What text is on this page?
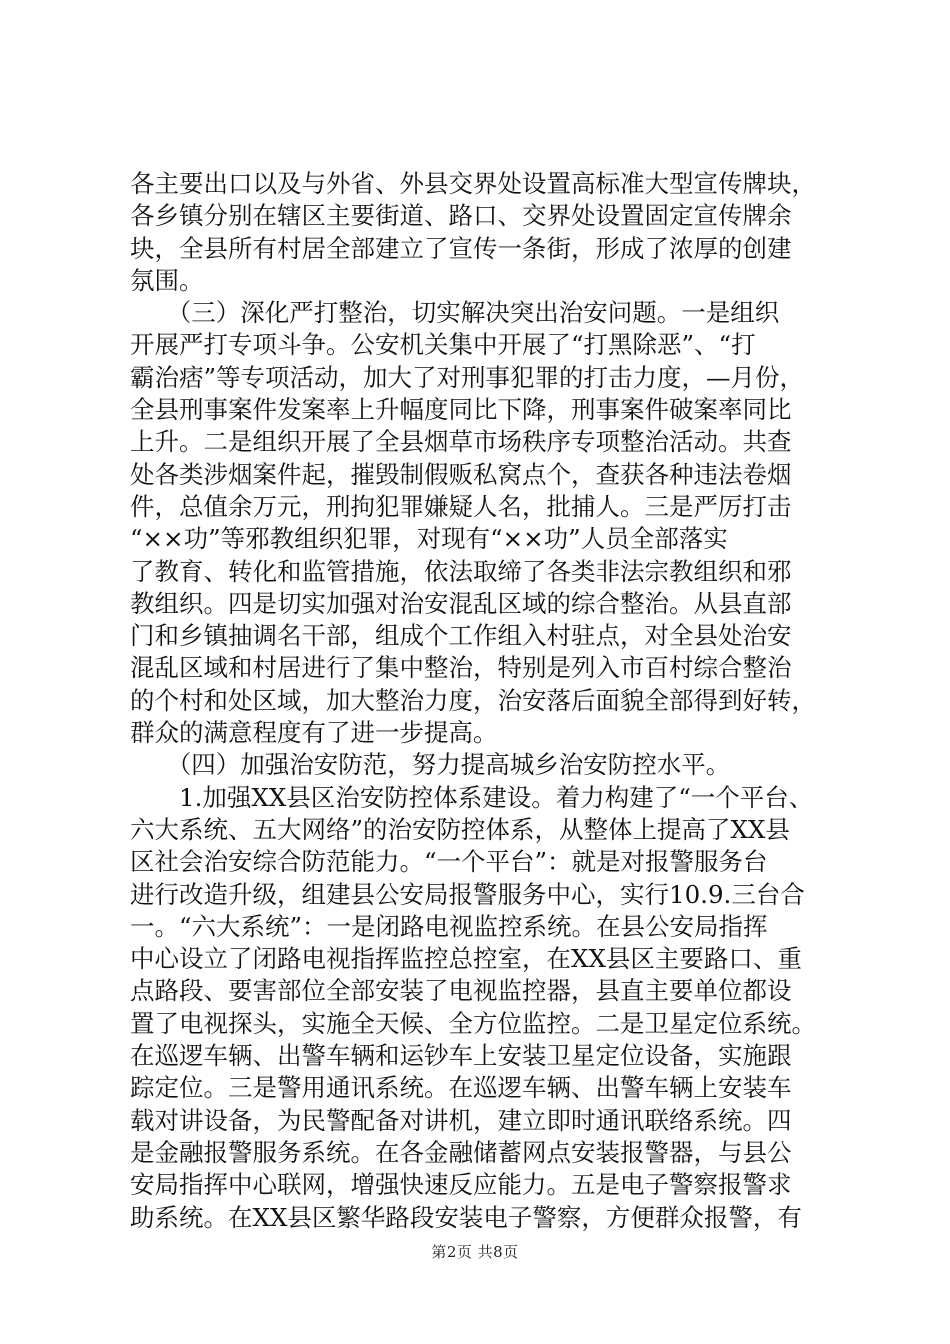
各主要出口以及与外省、外县交界处设置高标准大型宣传牌块，
各乡镇分别在辖区主要街道、路口、交界处设置固定宣传牌余
块，全县所有村居全部建立了宣传一条街，形成了浓厚的创建
氛围。
　　（三）深化严打整治，切实解决突出治安问题。一是组织
开展严打专项斗争。公安机关集中开展了“打黑除恶”、“打
霸治痞”等专项活动，加大了对刑事犯罪的打击力度，—月份，
全县刑事案件发案率上升幅度同比下降，刑事案件破案率同比
上升。二是组织开展了全县烟草市场秩序专项整治活动。共查
处各类涉烟案件起，摧毁制假贩私窝点个，查获各种违法卷烟
件，总值余万元，刑拘犯罪嫌疑人名，批捕人。三是严厉打击
“××功”等邪教组织犯罪，对现有“××功”人员全部落实
了教育、转化和监管措施，依法取缔了各类非法宗教组织和邪
教组织。四是切实加强对治安混乱区域的综合整治。从县直部
门和乡镇抽调名干部，组成个工作组入村驻点，对全县处治安
混乱区域和村居进行了集中整治，特别是列入市百村综合整治
的个村和处区域，加大整治力度，治安落后面貌全部得到好转，
群众的满意程度有了进一步提高。
　　（四）加强治安防范，努力提高城乡治安防控水平。
　　1.加强XX县区治安防控体系建设。着力构建了“一个平台、
六大系统、五大网络”的治安防控体系，从整体上提高了XX县
区社会治安综合防范能力。“一个平台”：就是对报警服务台
进行改造升级，组建县公安局报警服务中心，实行10.9.三台合
一。“六大系统”：一是闭路电视监控系统。在县公安局指挥
中心设立了闭路电视指挥监控总控室，在XX县区主要路口、重
点路段、要害部位全部安装了电视监控器，县直主要单位都设
置了电视探头，实施全天候、全方位监控。二是卫星定位系统。
在巡逻车辆、出警车辆和运钞车上安装卫星定位设备，实施跟
踪定位。三是警用通讯系统。在巡逻车辆、出警车辆上安装车
载对讲设备，为民警配备对讲机，建立即时通讯联络系统。四
是金融报警服务系统。在各金融储蓄网点安装报警器，与县公
安局指挥中心联网，增强快速反应能力。五是电子警察报警求
助系统。在XX县区繁华路段安装电子警察，方便群众报警，有
第2页 共8页
